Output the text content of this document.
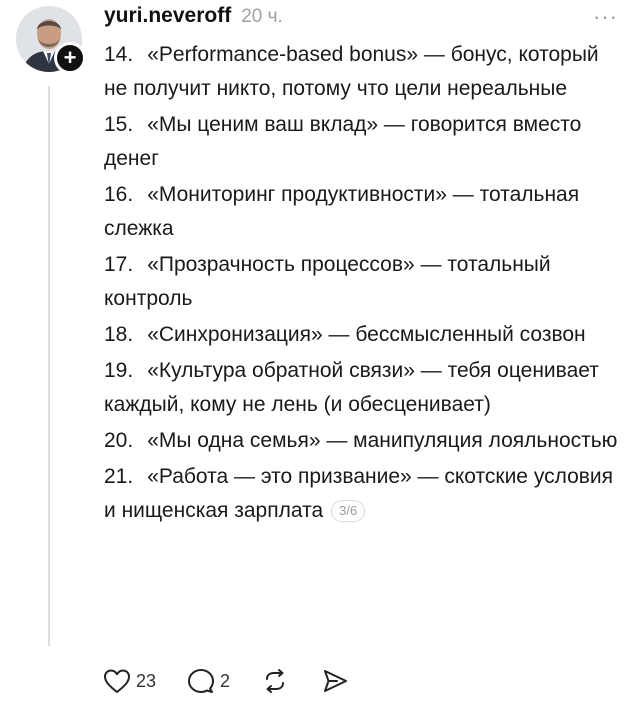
+
yuri.neveroff 20 ч.	···
14. «Performance-based bonus» — бонус, который не получит никто, потому что цели нереальные
15. «Мы ценим ваш вклад» — говорится вместо денег
16. «Мониторинг продуктивности» — тотальная слежка
17. «Прозрачность процессов» — тотальный контроль
18. «Синхронизация» — бессмысленный созвон
19. «Культура обратной связи» — тебя оценивает каждый, кому не лень (и обесценивает)
20. «Мы одна семья» — манипуляция лояльностью
21. «Работа — это призвание» — скотские условия и нищенская зарплата 3/6
23	2
